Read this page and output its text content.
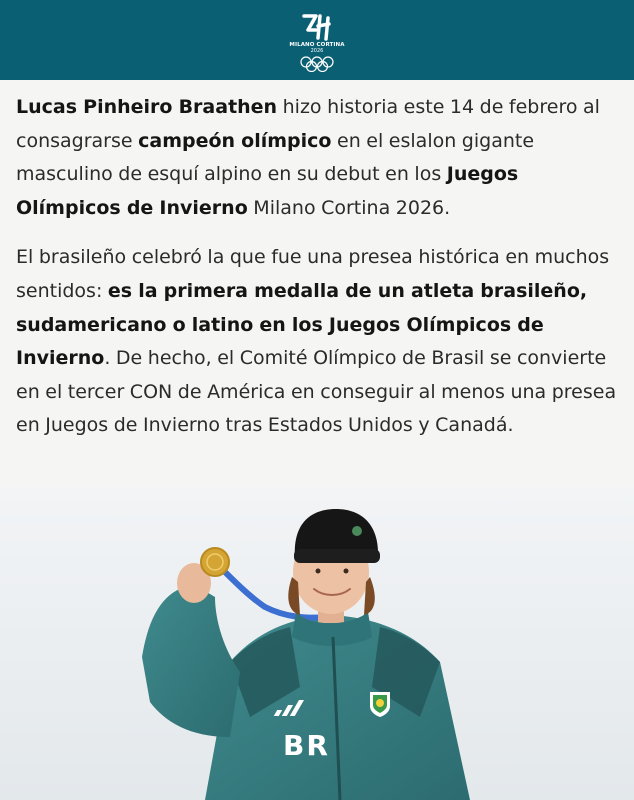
MILANO CORTINA
2026

Lucas Pinheiro Braathen hizo historia este 14 de febrero al consagrarse campeón olímpico en el eslalon gigante masculino de esquí alpino en su debut en los Juegos Olímpicos de Invierno Milano Cortina 2026.

El brasileño celebró la que fue una presea histórica en muchos sentidos: es la primera medalla de un atleta brasileño, sudamericano o latino en los Juegos Olímpicos de Invierno. De hecho, el Comité Olímpico de Brasil se convierte en el tercer CON de América en conseguir al menos una presea en Juegos de Invierno tras Estados Unidos y Canadá.

BR
